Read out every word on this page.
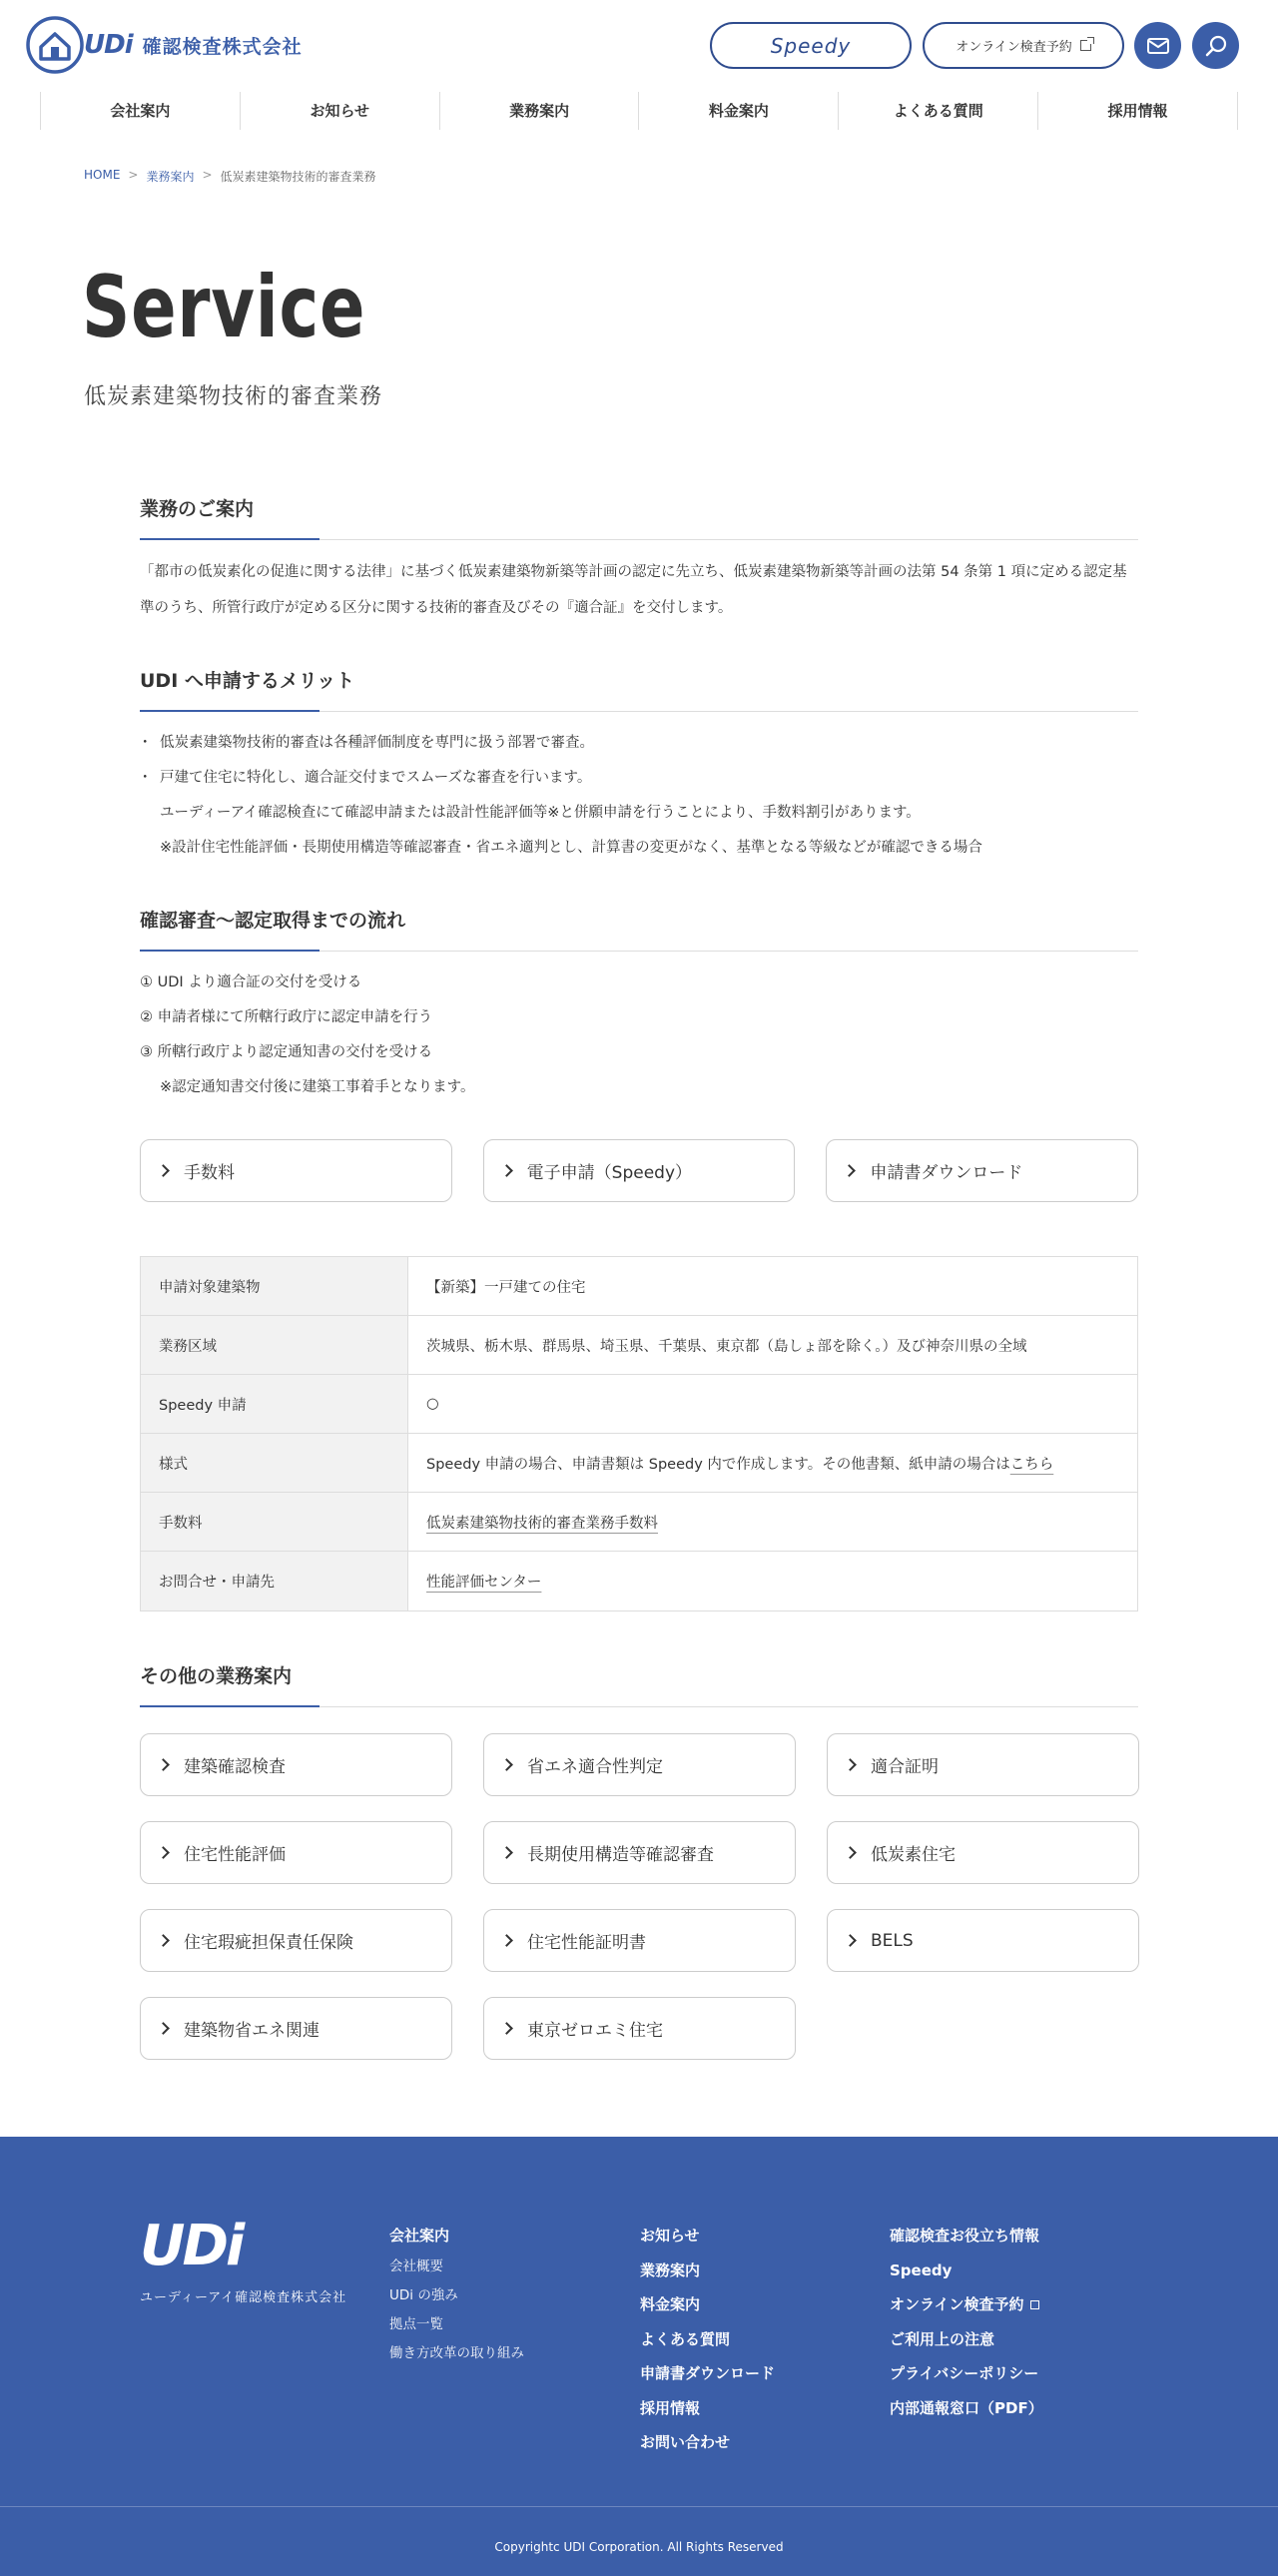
UDi 確認検査株式会社	Speedy	オンライン検査予約
会社案内	お知らせ	業務案内	料金案内	よくある質問	採用情報
HOME > 業務案内 > 低炭素建築物技術的審査業務
Service
低炭素建築物技術的審査業務
業務のご案内

「都市の低炭素化の促進に関する法律」に基づく低炭素建築物新築等計画の認定に先立ち、低炭素建築物新築等計画の法第 54 条第 1 項に定める認定基準のうち、所管行政庁が定める区分に関する技術的審査及びその『適合証』を交付します。

UDI へ申請するメリット
・ 低炭素建築物技術的審査は各種評価制度を専門に扱う部署で審査。
・ 戸建て住宅に特化し、適合証交付までスムーズな審査を行います。
ユーディーアイ確認検査にて確認申請または設計性能評価等※と併願申請を行うことにより、手数料割引があります。
※設計住宅性能評価・長期使用構造等確認審査・省エネ適判とし、計算書の変更がなく、基準となる等級などが確認できる場合
確認審査～認定取得までの流れ
① UDI より適合証の交付を受ける
② 申請者様にて所轄行政庁に認定申請を行う
③ 所轄行政庁より認定通知書の交付を受ける
※認定通知書交付後に建築工事着手となります。
手数料	電子申請（Speedy）	申請書ダウンロード
申請対象建築物	【新築】一戸建ての住宅
業務区域	茨城県、栃木県、群馬県、埼玉県、千葉県、東京都（島しょ部を除く。）及び神奈川県の全域
Speedy 申請	○
様式	Speedy 申請の場合、申請書類は Speedy 内で作成します。その他書類、紙申請の場合はこちら
手数料	低炭素建築物技術的審査業務手数料
お問合せ・申請先	性能評価センター
その他の業務案内
建築確認検査	省エネ適合性判定	適合証明
住宅性能評価	長期使用構造等確認審査	低炭素住宅
住宅瑕疵担保責任保険	住宅性能証明書	BELS
建築物省エネ関連	東京ゼロエミ住宅
UDi
ユーディーアイ確認検査株式会社
会社案内
会社概要
UDi の強み
拠点一覧
働き方改革の取り組み
お知らせ
業務案内
料金案内
よくある質問
申請書ダウンロード
採用情報
お問い合わせ
確認検査お役立ち情報
Speedy
オンライン検査予約
ご利用上の注意
プライバシーポリシー
内部通報窓口（PDF）
Copyrightc UDI Corporation. All Rights Reserved
